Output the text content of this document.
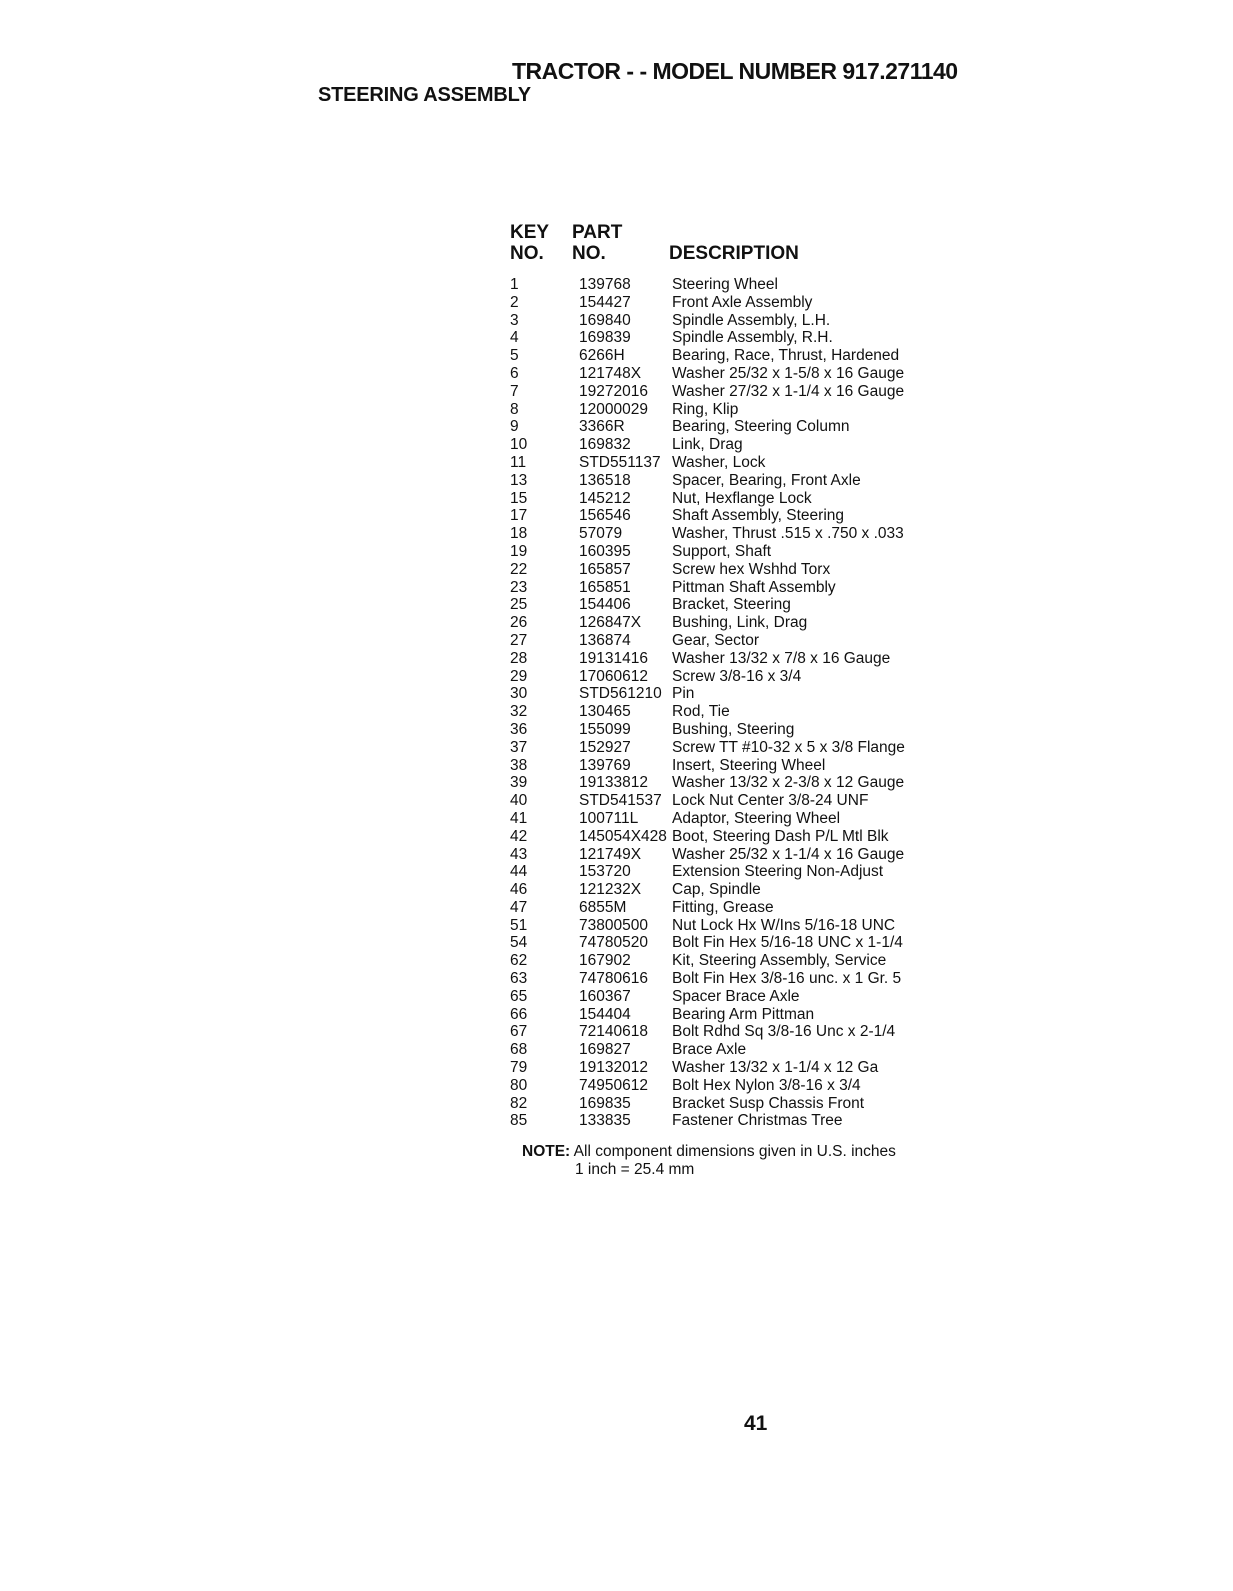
TRACTOR - - MODEL NUMBER 917.271140
STEERING ASSEMBLY
KEY
NO.
PART
NO.	DESCRIPTION
1	139768	Steering Wheel
2	154427	Front Axle Assembly
3	169840	Spindle Assembly, L.H.
4	169839	Spindle Assembly, R.H.
5	6266H	Bearing, Race, Thrust, Hardened
6	121748X Washer 25/32 x 1-5/8 x 16 Gauge
7	19272016 Washer 27/32 x 1-1/4 x 16 Gauge
8	12000029 Ring, Klip
9	3366R	Bearing, Steering Column
10	169832	Link, Drag
11	STD551137 Washer, Lock
13	136518	Spacer, Bearing, Front Axle
15	145212	Nut, Hexflange Lock
17	156546	Shaft Assembly, Steering
18	57079	Washer, Thrust .515 x .750 x .033
19	160395	Support, Shaft
22	165857	Screw hex Wshhd Torx
23	165851	Pittman Shaft Assembly
25	154406	Bracket, Steering
26	126847X Bushing, Link, Drag
27	136874	Gear, Sector
28	19131416 Washer 13/32 x 7/8 x 16 Gauge
29	17060612 Screw 3/8-16 x 3/4
30	STD561210 Pin
32	130465	Rod, Tie
36	155099	Bushing, Steering
37	152927	Screw TT #10-32 x 5 x 3/8 Flange
38	139769	Insert, Steering Wheel
39	19133812 Washer 13/32 x 2-3/8 x 12 Gauge
40	STD541537 Lock Nut Center 3/8-24 UNF
41	100711L Adaptor, Steering Wheel
42	145054X428 Boot, Steering Dash P/L Mtl Blk
43	121749X Washer 25/32 x 1-1/4 x 16 Gauge
44	153720	Extension Steering Non-Adjust
46	121232X Cap, Spindle
47	6855M	Fitting, Grease
51	73800500 Nut Lock Hx W/Ins 5/16-18 UNC
54	74780520 Bolt Fin Hex 5/16-18 UNC x 1-1/4
62	167902	Kit, Steering Assembly, Service
63	74780616 Bolt Fin Hex 3/8-16 unc. x 1 Gr. 5
65	160367	Spacer Brace Axle
66	154404	Bearing Arm Pittman
67	72140618 Bolt Rdhd Sq 3/8-16 Unc x 2-1/4
68	169827	Brace Axle
79	19132012 Washer 13/32 x 1-1/4 x 12 Ga
80	74950612 Bolt Hex Nylon 3/8-16 x 3/4
82	169835	Bracket Susp Chassis Front
85	133835	Fastener Christmas Tree
NOTE: All component dimensions given in U.S. inches
1 inch = 25.4 mm
41
